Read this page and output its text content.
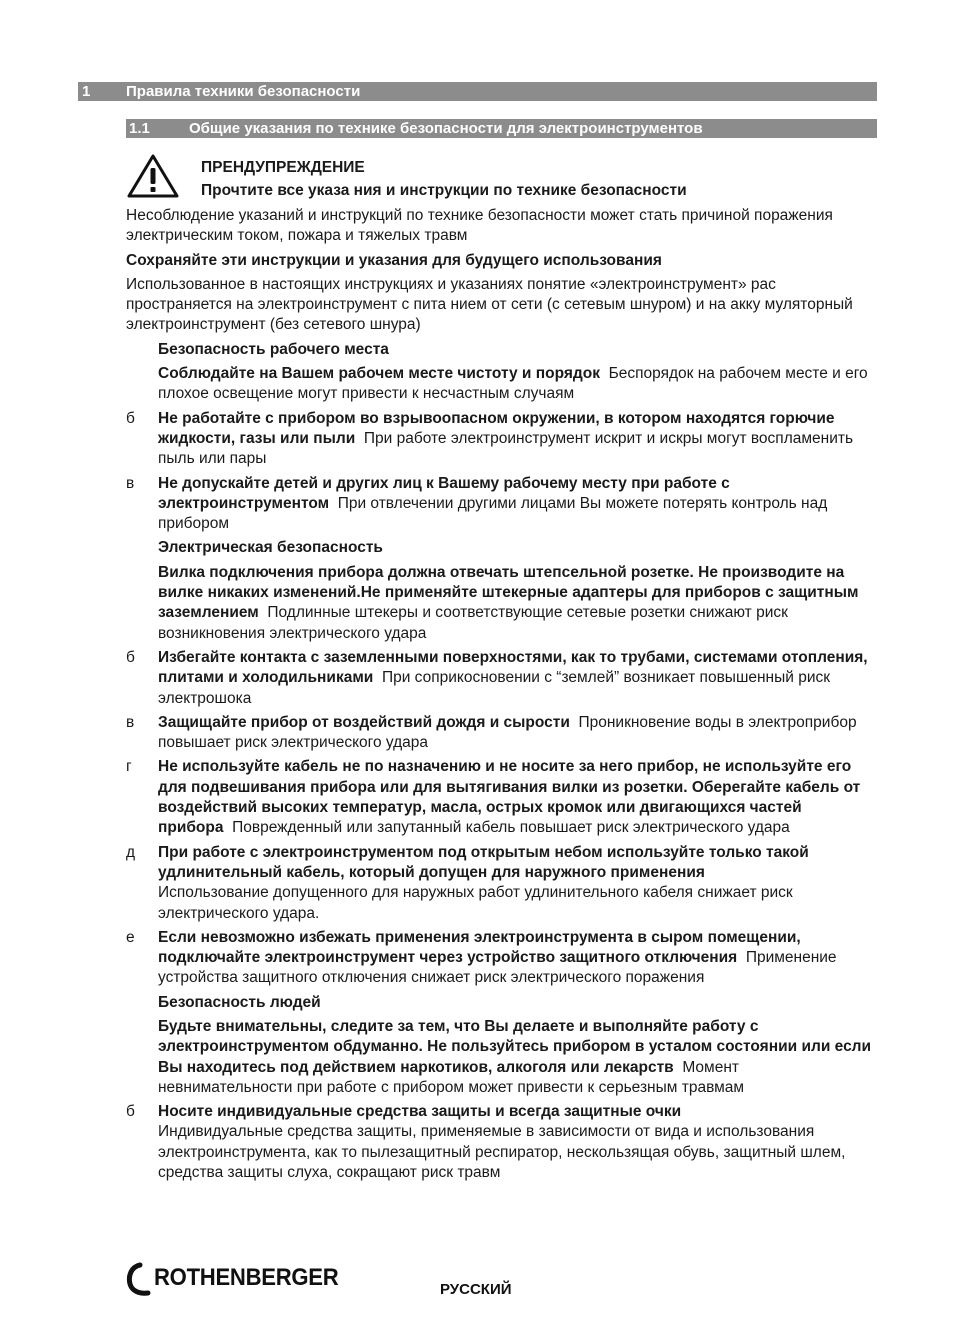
1 Правила техники безопасности
1.1	Общие указания по технике безопасности для электроинструментов
ПРЕНДУПРЕЖДЕНИЕ
Прочтите все указа ния и инструкции по технике безопасности

Несоблюдение указаний и инструкций по технике безопасности может стать причиной поражения электрическим током, пожара и тяжелых травм

Сохраняйте эти инструкции и указания для будущего использования

Использованное в настоящих инструкциях и указаниях понятие «электроинструмент» рас пространяется на электроинструмент с пита нием от сети (с сетевым шнуром) и на акку муляторный электроинструмент (без сетевого шнура)

Безопасность рабочего места

Соблюдайте на Вашем рабочем месте чистоту и порядок Беспорядок на рабочем месте и его плохое освещение могут привести к несчастным случаям
б	Не работайте с прибором во взрывоопасном окружении, в котором находятся горючие жидкости, газы или пыли При работе электроинструмент искрит и искры могут воспламенить пыль или пары
в	Не допускайте детей и других лиц к Вашему рабочему месту при работе с электроинструментом При отвлечении другими лицами Вы можете потерять контроль над прибором

Электрическая безопасность

Вилка подключения прибора должна отвечать штепсельной розетке. Не производите на вилке никаких изменений.Не применяйте штекерные адаптеры для приборов с защитным заземлением Подлинные штекеры и соответствующие сетевые розетки снижают риск возникновения электрического удара
б	Избегайте контакта с заземленными поверхностями, как то трубами, системами отопления, плитами и холодильниками При соприкосновении с “землей” возникает повышенный риск электрошока
в	Защищайте прибор от воздействий дождя и сырости Проникновение воды в электроприбор повышает риск электрического удара
г	Не используйте кабель не по назначению и не носите за него прибор, не используйте его для подвешивания прибора или для вытягивания вилки из розетки. Оберегайте кабель от воздействий высоких температур, масла, острых кромок или двигающихся частей прибора Поврежденный или запутанный кабель повышает риск электрического удара
д	При работе с электроинструментом под открытым небом используйте только такой удлинительный кабель, который допущен для наружного применения
Использование допущенного для наружных работ удлинительного кабеля снижает риск электрического удара.
е	Если невозможно избежать применения электроинструмента в сыром помещении, подключайте электроинструмент через устройство защитного отключения Применение устройства защитного отключения снижает риск электрического поражения

Безопасность людей

Будьте внимательны, следите за тем, что Вы делаете и выполняйте работу с электроинструментом обдуманно. Не пользуйтесь прибором в усталом состоянии или если Вы находитесь под действием наркотиков, алкоголя или лекарств Момент невнимательности при работе с прибором может привести к серьезным травмам
б	Носите индивидуальные средства защиты и всегда защитные очки
Индивидуальные средства защиты, применяемые в зависимости от вида и использования электроинструмента, как то пылезащитный респиратор, нескользящая обувь, защитный шлем, средства защиты слуха, сокращают риск травм
ROTHENBERGER	РУССКИЙ
